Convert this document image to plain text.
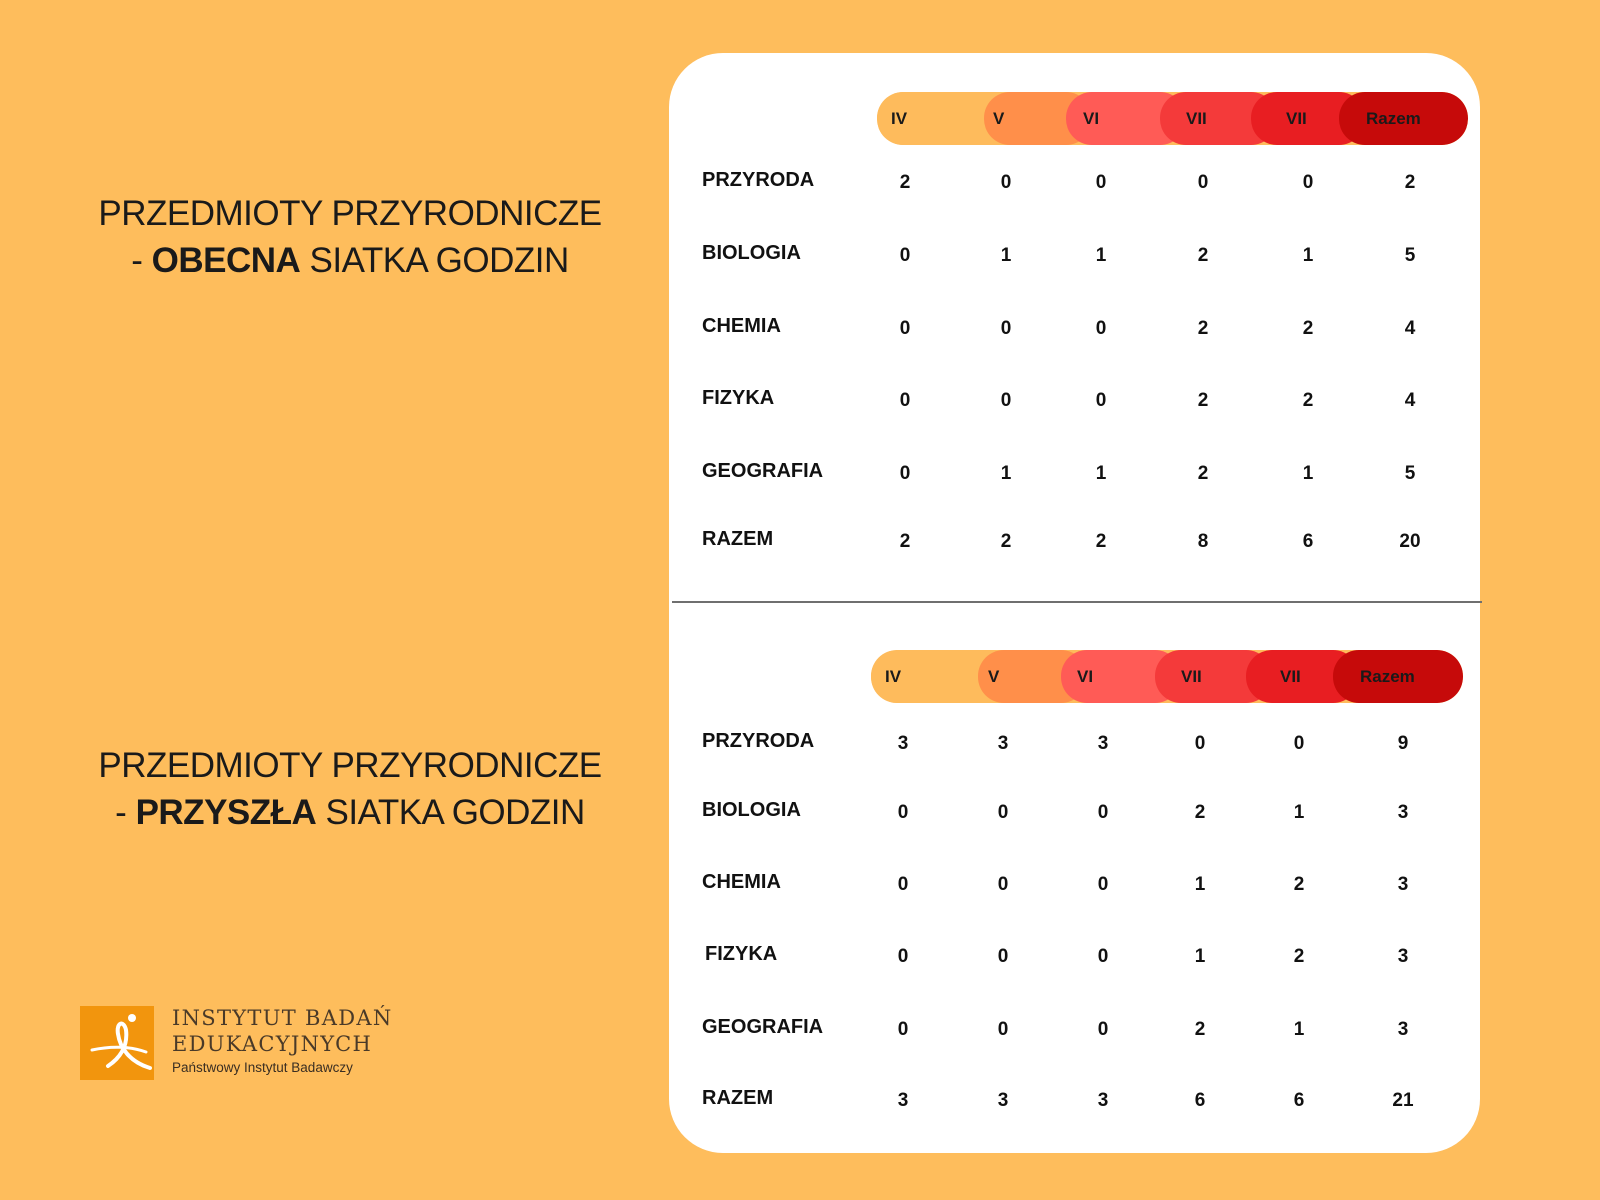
PRZEDMIOTY PRZYRODNICZE
- OBECNA SIATKA GODZIN
PRZEDMIOTY PRZYRODNICZE
- PRZYSZŁA SIATKA GODZIN
IV	V	VI	VII	VII	Razem
IV	V	VI	VII	VII	Razem
PRZYRODA	2	0	0	0	0	2
BIOLOGIA	0	1	1	2	1	5
CHEMIA	0	0	0	2	2	4
FIZYKA	0	0	0	2	2	4
GEOGRAFIA	0	1	1	2	1	5
RAZEM	2	2	2	8	6	20
PRZYRODA	3	3	3	0	0	9
BIOLOGIA	0	0	0	2	1	3
CHEMIA	0	0	0	1	2	3
FIZYKA	0	0	0	1	2	3
GEOGRAFIA	0	0	0	2	1	3
RAZEM	3	3	3	6	6	21
INSTYTUT BADAŃ
EDUKACYJNYCH
Państwowy Instytut Badawczy
